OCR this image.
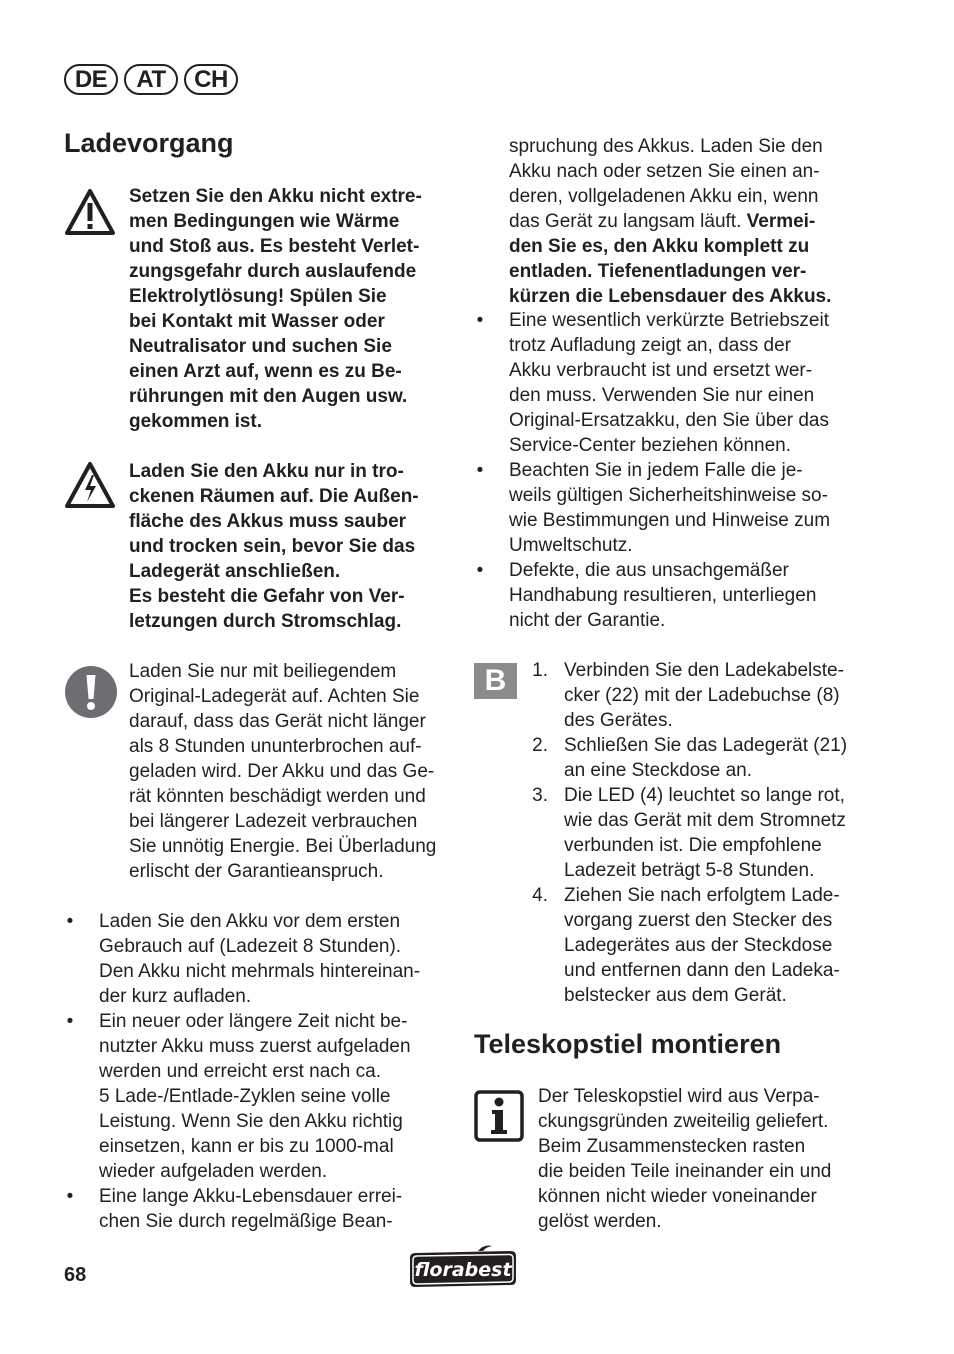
DE	AT	CH
Ladevorgang
Setzen Sie den Akku nicht extre-
men Bedingungen wie Wärme
und Stoß aus. Es besteht Verlet-
zungsgefahr durch auslaufende
Elektrolytlösung! Spülen Sie
bei Kontakt mit Wasser oder
Neutralisator und suchen Sie
einen Arzt auf, wenn es zu Be-
rührungen mit den Augen usw.
gekommen ist.
Laden Sie den Akku nur in tro-
ckenen Räumen auf. Die Außen-
fläche des Akkus muss sauber
und trocken sein, bevor Sie das
Ladegerät anschließen.
Es besteht die Gefahr von Ver-
letzungen durch Stromschlag.
Laden Sie nur mit beiliegendem
Original-Ladegerät auf. Achten Sie
darauf, dass das Gerät nicht länger
als 8 Stunden ununterbrochen auf-
geladen wird. Der Akku und das Ge-
rät könnten beschädigt werden und
bei längerer Ladezeit verbrauchen
Sie unnötig Energie. Bei Überladung
erlischt der Garantieanspruch.
• Laden Sie den Akku vor dem ersten
Gebrauch auf (Ladezeit 8 Stunden).
Den Akku nicht mehrmals hintereinan-
der kurz aufladen.
• Ein neuer oder längere Zeit nicht be-
nutzter Akku muss zuerst aufgeladen
werden und erreicht erst nach ca.
5 Lade-/Entlade-Zyklen seine volle
Leistung. Wenn Sie den Akku richtig
einsetzen, kann er bis zu 1000-mal
wieder aufgeladen werden.
• Eine lange Akku-Lebensdauer errei-
chen Sie durch regelmäßige Bean-
spruchung des Akkus. Laden Sie den
Akku nach oder setzen Sie einen an-
deren, vollgeladenen Akku ein, wenn
das Gerät zu langsam läuft. Vermei-
den Sie es, den Akku komplett zu
entladen. Tiefenentladungen ver-
kürzen die Lebensdauer des Akkus.
• Eine wesentlich verkürzte Betriebszeit
trotz Aufladung zeigt an, dass der
Akku verbraucht ist und ersetzt wer-
den muss. Verwenden Sie nur einen
Original-Ersatzakku, den Sie über das
Service-Center beziehen können.
• Beachten Sie in jedem Falle die je-
weils gültigen Sicherheitshinweise so-
wie Bestimmungen und Hinweise zum
Umweltschutz.
• Defekte, die aus unsachgemäßer
Handhabung resultieren, unterliegen
nicht der Garantie.
B	1. Verbinden Sie den Ladekabelste-
cker (22) mit der Ladebuchse (8)
des Gerätes.
2. Schließen Sie das Ladegerät (21)
an eine Steckdose an.
3. Die LED (4) leuchtet so lange rot,
wie das Gerät mit dem Stromnetz
verbunden ist. Die empfohlene
Ladezeit beträgt 5-8 Stunden.
4. Ziehen Sie nach erfolgtem Lade-
vorgang zuerst den Stecker des
Ladegerätes aus der Steckdose
und entfernen dann den Ladeka-
belstecker aus dem Gerät.
Teleskopstiel montieren
Der Teleskopstiel wird aus Verpa-
ckungsgründen zweiteilig geliefert.
Beim Zusammenstecken rasten
die beiden Teile ineinander ein und
können nicht wieder voneinander
gelöst werden.
68	florabest
